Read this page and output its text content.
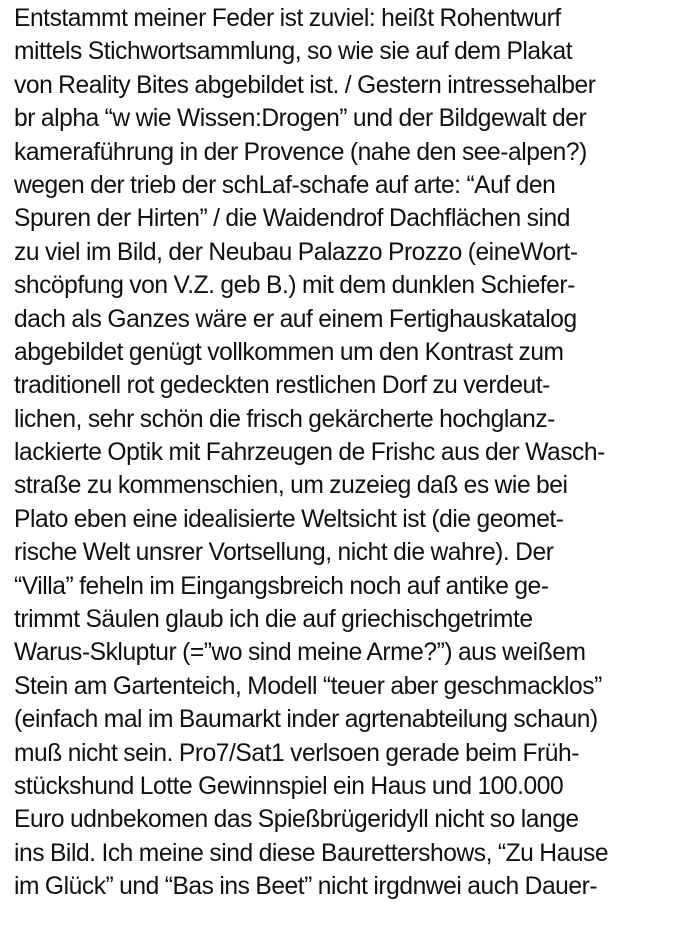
Entstammt meiner Feder ist zuviel: heißt Rohentwurf
mittels Stichwortsammlung, so wie sie auf dem Plakat
von Reality Bites abgebildet ist. / Gestern intressehalber
br alpha “w wie Wissen:Drogen” und der Bildgewalt der
kameraführung in der Provence (nahe den see-alpen?)
wegen der trieb der schLaf-schafe auf arte: “Auf den
Spuren der Hirten” / die Waidendrof Dachflächen sind
zu viel im Bild, der Neubau Palazzo Prozzo (eineWort-
shcöpfung von V.Z. geb B.) mit dem dunklen Schiefer-
dach als Ganzes wäre er auf einem Fertighauskatalog
abgebildet genügt vollkommen um den Kontrast zum
traditionell rot gedeckten restlichen Dorf zu verdeut-
lichen, sehr schön die frisch gekärcherte hochglanz-
lackierte Optik mit Fahrzeugen de Frishc aus der Wasch-
straße zu kommenschien, um zuzeieg daß es wie bei
Plato eben eine idealisierte Weltsicht ist (die geomet-
rische Welt unsrer Vortsellung, nicht die wahre). Der
“Villa” feheln im Eingangsbreich noch auf antike ge-
trimmt Säulen glaub ich die auf griechischgetrimte
Warus-Skluptur (=”wo sind meine Arme?”) aus weißem
Stein am Gartenteich, Modell “teuer aber geschmacklos”
(einfach mal im Baumarkt inder agrtenabteilung schaun)
muß nicht sein. Pro7/Sat1 verlsoen gerade beim Früh-
stückshund Lotte Gewinnspiel ein Haus und 100.000
Euro udnbekomen das Spießbrügeridyll nicht so lange
ins Bild. Ich meine sind diese Baurettershows, “Zu Hause
im Glück” und “Bas ins Beet” nicht irgdnwei auch Dauer-
